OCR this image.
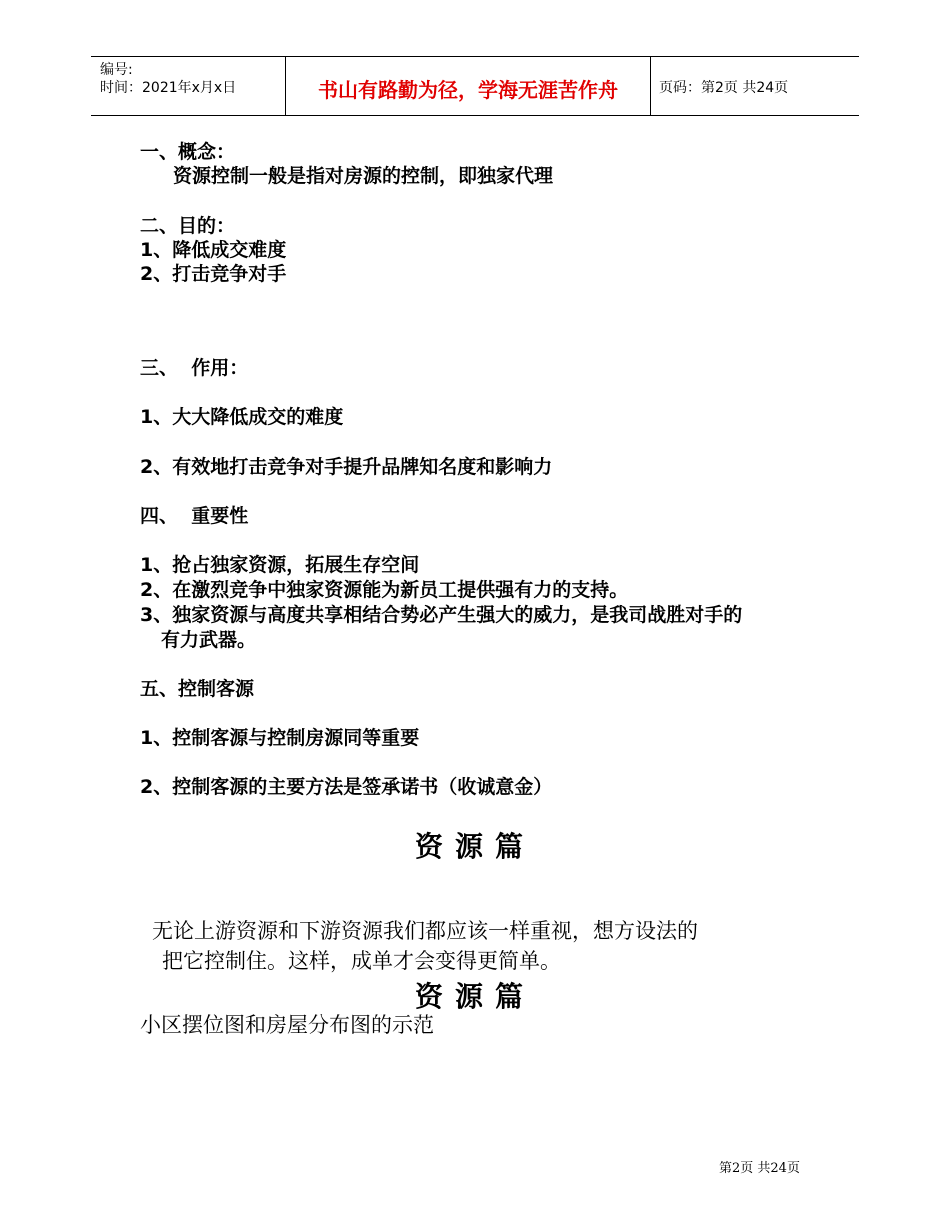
编号:
时间：2021年x月x日	书山有路勤为径，学海无涯苦作舟	页码：第2页 共24页
一、概念：
资源控制一般是指对房源的控制，即独家代理
二、目的：
1、降低成交难度
2、打击竞争对手
三、  作用：
1、大大降低成交的难度
2、有效地打击竞争对手提升品牌知名度和影响力
四、  重要性
1、抢占独家资源，拓展生存空间
2、在激烈竞争中独家资源能为新员工提供强有力的支持。
3、独家资源与高度共享相结合势必产生强大的威力，是我司战胜对手的
有力武器。
五、控制客源
1、控制客源与控制房源同等重要
2、控制客源的主要方法是签承诺书（收诚意金）
资源篇
无论上游资源和下游资源我们都应该一样重视，想方设法的
把它控制住。这样，成单才会变得更简单。
资源篇
小区摆位图和房屋分布图的示范
第2页 共24页
